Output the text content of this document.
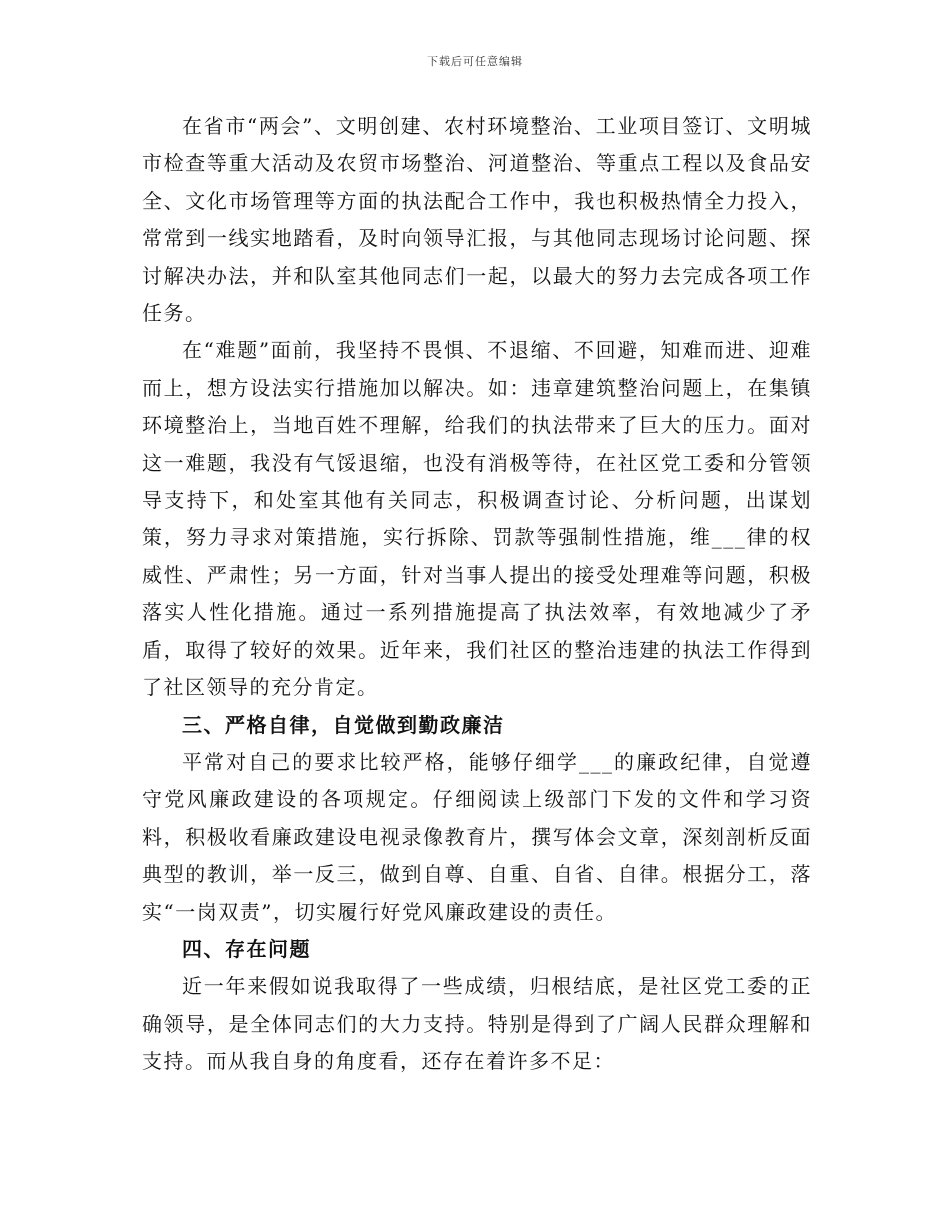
下载后可任意编辑

在省市“两会”、文明创建、农村环境整治、工业项目签订、文明城市检查等重大活动及农贸市场整治、河道整治、等重点工程以及食品安全、文化市场管理等方面的执法配合工作中，我也积极热情全力投入，常常到一线实地踏看，及时向领导汇报，与其他同志现场讨论问题、探讨解决办法，并和队室其他同志们一起，以最大的努力去完成各项工作任务。

在“难题”面前，我坚持不畏惧、不退缩、不回避，知难而进、迎难而上，想方设法实行措施加以解决。如：违章建筑整治问题上，在集镇环境整治上，当地百姓不理解，给我们的执法带来了巨大的压力。面对这一难题，我没有气馁退缩，也没有消极等待，在社区党工委和分管领导支持下，和处室其他有关同志，积极调查讨论、分析问题，出谋划策，努力寻求对策措施，实行拆除、罚款等强制性措施，维___律的权威性、严肃性；另一方面，针对当事人提出的接受处理难等问题，积极落实人性化措施。通过一系列措施提高了执法效率，有效地减少了矛盾，取得了较好的效果。近年来，我们社区的整治违建的执法工作得到了社区领导的充分肯定。

三、严格自律，自觉做到勤政廉洁

平常对自己的要求比较严格，能够仔细学___的廉政纪律，自觉遵守党风廉政建设的各项规定。仔细阅读上级部门下发的文件和学习资料，积极收看廉政建设电视录像教育片，撰写体会文章，深刻剖析反面典型的教训，举一反三，做到自尊、自重、自省、自律。根据分工，落实“一岗双责”，切实履行好党风廉政建设的责任。

四、存在问题

近一年来假如说我取得了一些成绩，归根结底，是社区党工委的正确领导，是全体同志们的大力支持。特别是得到了广阔人民群众理解和支持。而从我自身的角度看，还存在着许多不足：
